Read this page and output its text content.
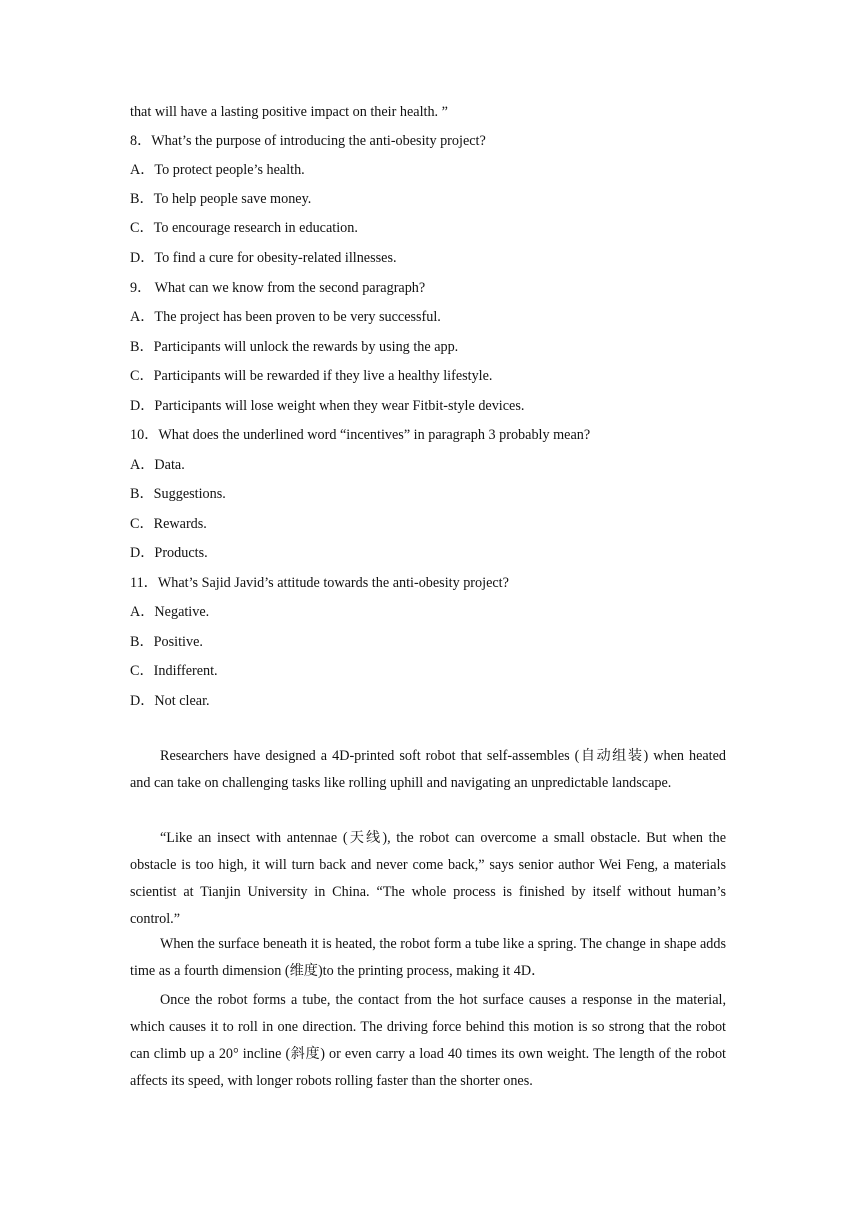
that will have a lasting positive impact on their health. ”

8．What’s the purpose of introducing the anti-obesity project?

A．To protect people’s health.

B．To help people save money.

C．To encourage research in education.

D．To find a cure for obesity-related illnesses.

9． What can we know from the second paragraph?

A．The project has been proven to be very successful.

B．Participants will unlock the rewards by using the app.

C．Participants will be rewarded if they live a healthy lifestyle.

D．Participants will lose weight when they wear Fitbit-style devices.

10．What does the underlined word “incentives” in paragraph 3 probably mean?

A．Data.

B．Suggestions.

C．Rewards.

D．Products.

11．What’s Sajid Javid’s attitude towards the anti-obesity project?

A．Negative.

B．Positive.

C．Indifferent.

D．Not clear.

Researchers have designed a 4D-printed soft robot that self-assembles (自动组装) when heated and can take on challenging tasks like rolling uphill and navigating an unpredictable landscape.

“Like an insect with antennae (天线), the robot can overcome a small obstacle. But when the obstacle is too high, it will turn back and never come back,” says senior author Wei Feng, a materials scientist at Tianjin University in China. “The whole process is finished by itself without human’s control.”

When the surface beneath it is heated, the robot form a tube like a spring. The change in shape adds time as a fourth dimension (维度)to the printing process, making it 4D．

Once the robot forms a tube, the contact from the hot surface causes a response in the material, which causes it to roll in one direction. The driving force behind this motion is so strong that the robot can climb up a 20° incline (斜度) or even carry a load 40 times its own weight. The length of the robot affects its speed, with longer robots rolling faster than the shorter ones.
